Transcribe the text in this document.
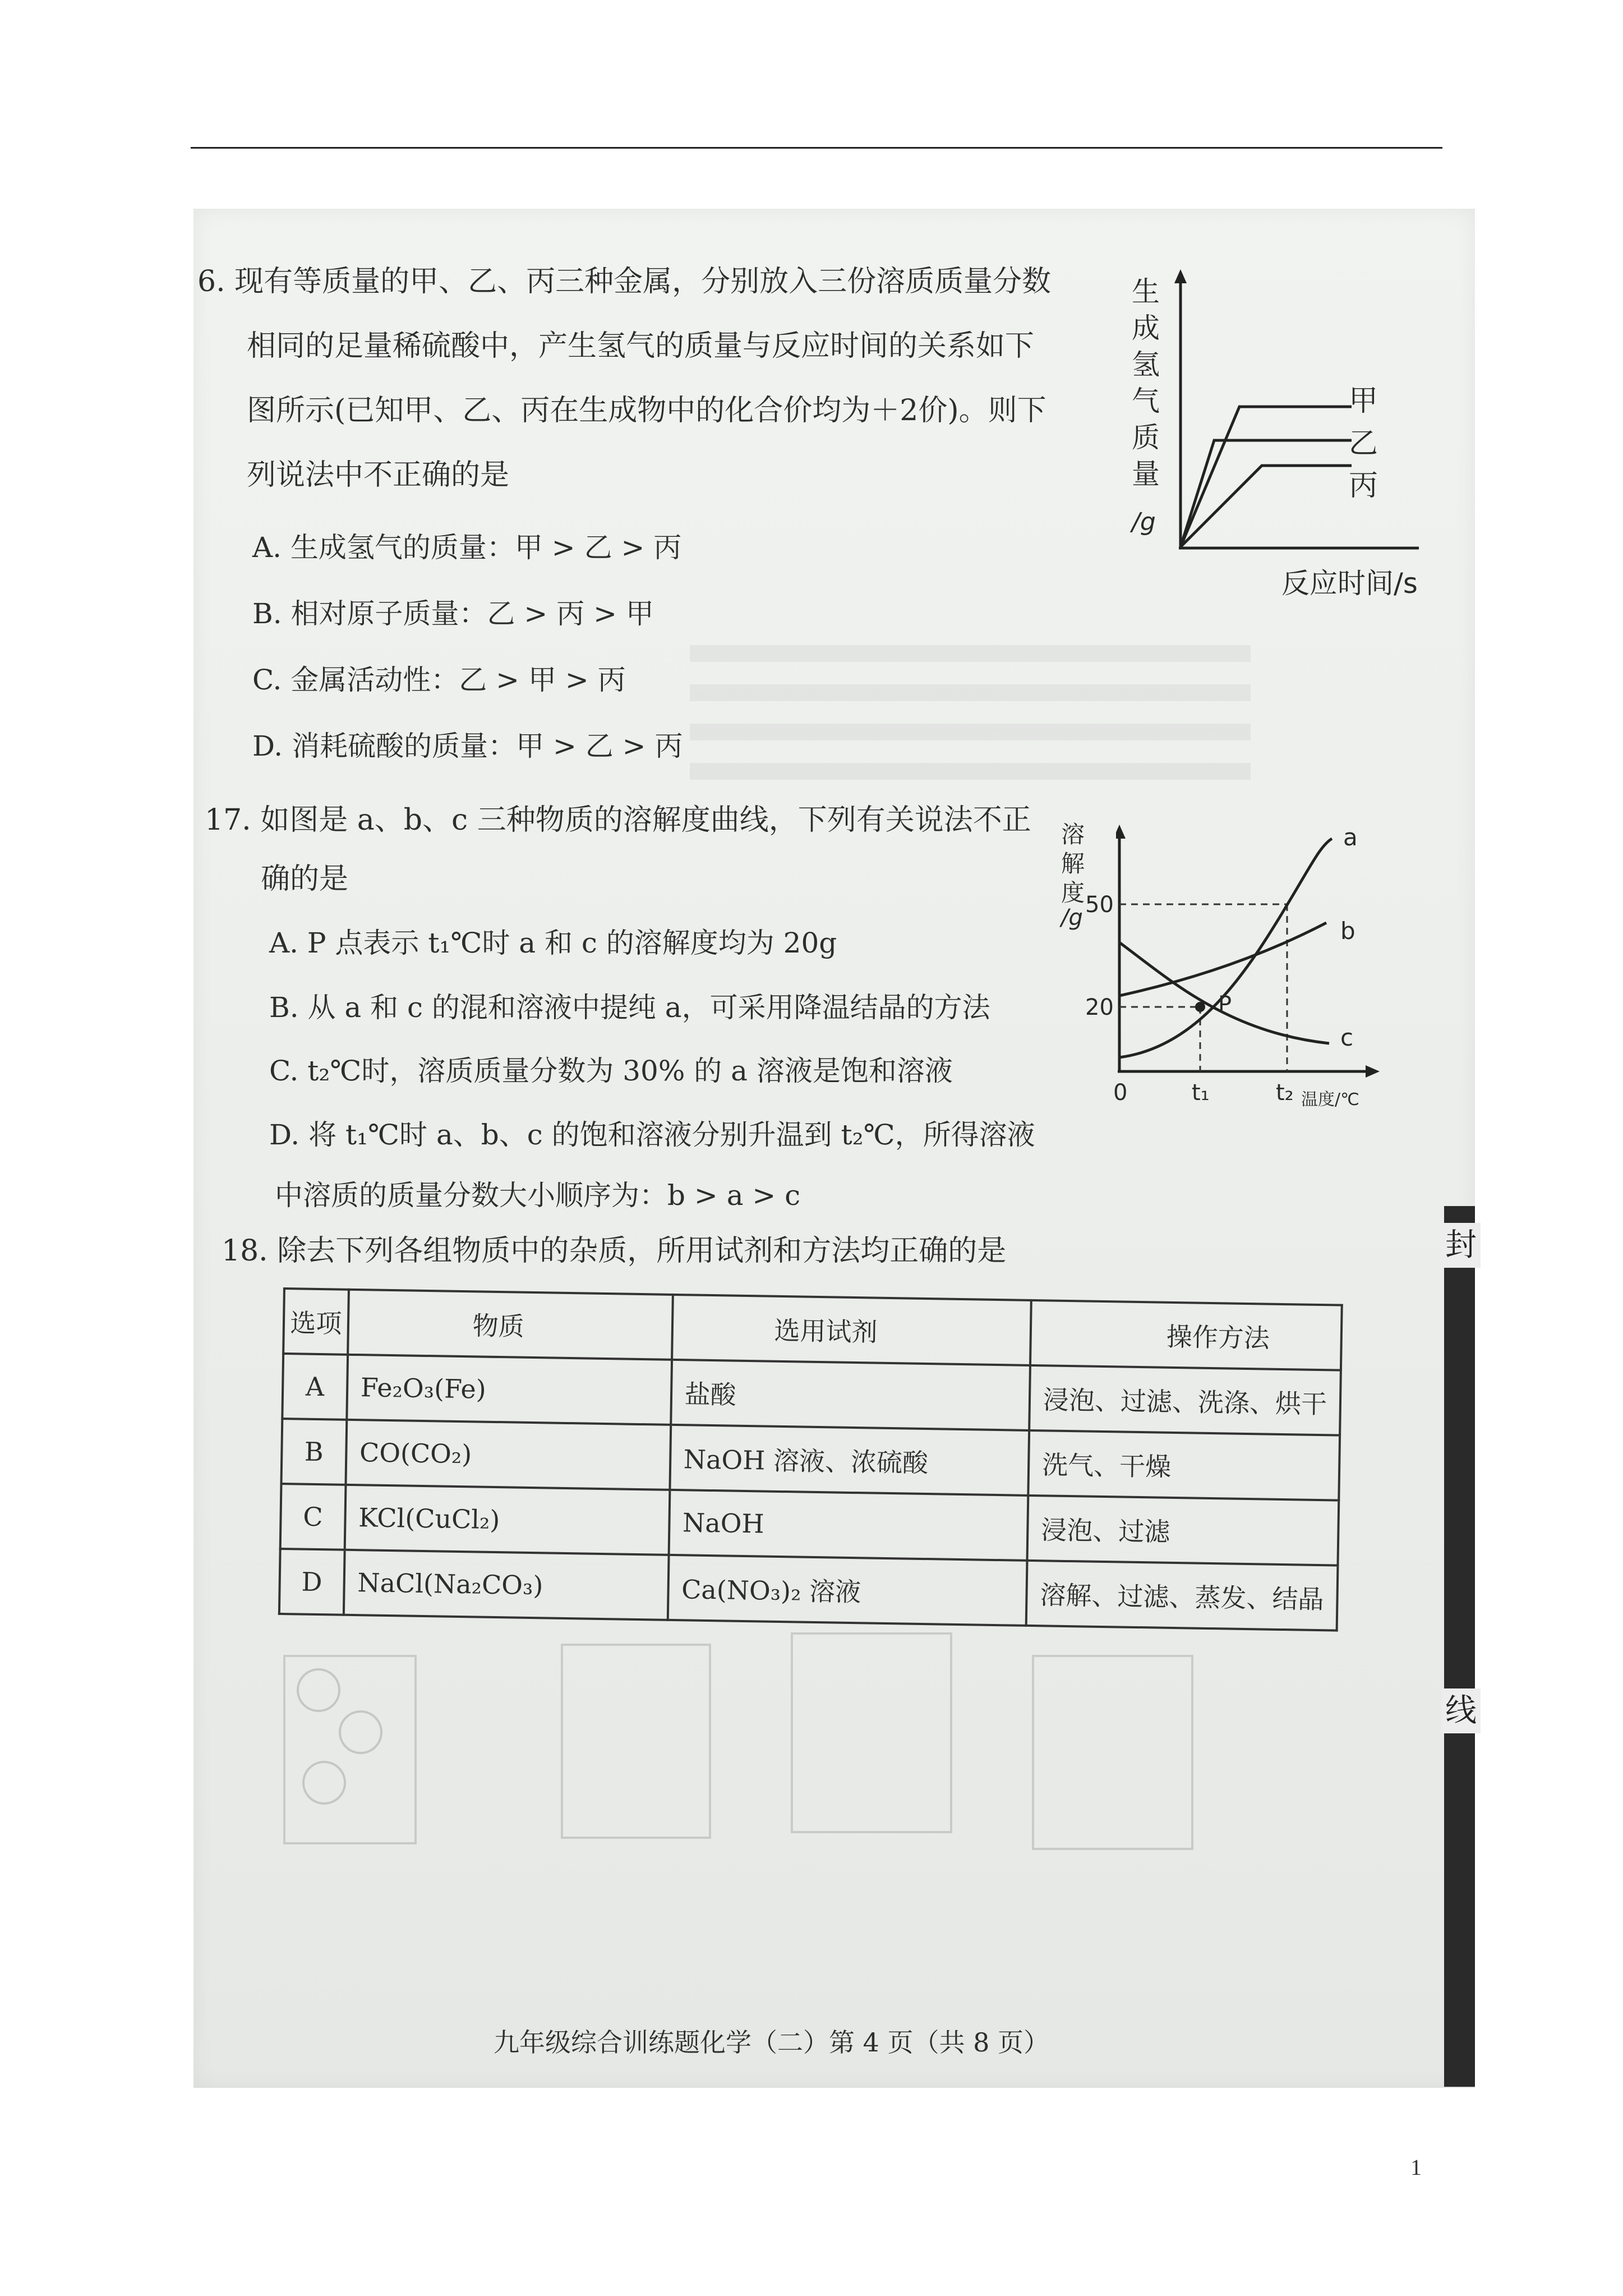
6. 现有等质量的甲、乙、丙三种金属，分别放入三份溶质质量分数
相同的足量稀硫酸中，产生氢气的质量与反应时间的关系如下
图所示(已知甲、乙、丙在生成物中的化合价均为＋2价)。则下
列说法中不正确的是
A. 生成氢气的质量：甲 > 乙 > 丙
B. 相对原子质量：乙 > 丙 > 甲
C. 金属活动性：乙 > 甲 > 丙
D. 消耗硫酸的质量：甲 > 乙 > 丙
生
成
氢
气
质
量
/g
甲
乙
丙
反应时间/s
17. 如图是 a、b、c 三种物质的溶解度曲线，下列有关说法不正
确的是
A. P 点表示 t₁℃时 a 和 c 的溶解度均为 20g
B. 从 a 和 c 的混和溶液中提纯 a，可采用降温结晶的方法
C. t₂℃时，溶质质量分数为 30% 的 a 溶液是饱和溶液
D. 将 t₁℃时 a、b、c 的饱和溶液分别升温到 t₂℃，所得溶液
中溶质的质量分数大小顺序为：b > a > c
溶
解
度
/g 50
20
0	t₁	t₂ 温度/℃
P
a
b
c
18. 除去下列各组物质中的杂质，所用试剂和方法均正确的是
选项	物质	选用试剂	操作方法
A	Fe₂O₃(Fe)	盐酸	浸泡、过滤、洗涤、烘干
B	CO(CO₂)	NaOH 溶液、浓硫酸	洗气、干燥
C	KCl(CuCl₂)	NaOH	浸泡、过滤
D	NaCl(Na₂CO₃)	Ca(NO₃)₂ 溶液	溶解、过滤、蒸发、结晶
封
线
九年级综合训练题化学（二）第 4 页（共 8 页）
1
